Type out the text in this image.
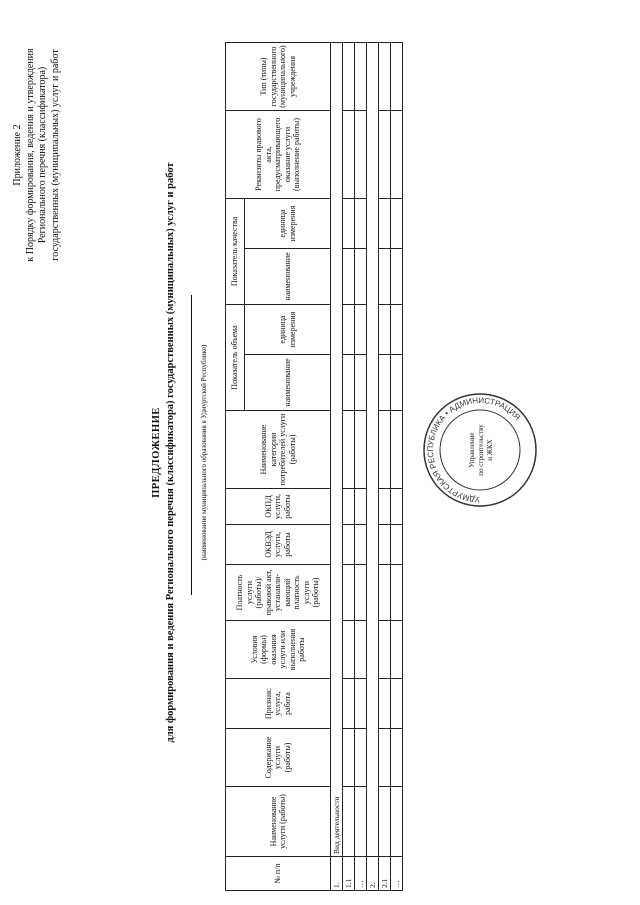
Приложение 2 к Порядку формирования, ведения и утверждения Регионального перечня (классификатора) государственных (муниципальных) услуг и работ
ПРЕДЛОЖЕНИЕ для формирования и ведения Регионального перечня (классификатора) государственных (муниципальных) услуг и работ	(наименование муниципального образования в Удмуртской Республике)
№ п/п	Наименование услуги (работы)	Содержание услуги (работы)	Признак: услуга, работа	Условия (формы) оказания услуги или выполнения работы	Платность услуги (работы)/ правовой акт, устанавли-вающий платность услуги (работы)	ОКВЭД услуги, работы	ОКПД услуги, работы	Наименование категории потребителей услуги (работы)	Показатель объема		Показатель качества		Реквизиты правового акта, предусматривающего оказание услуги (выполнение работы)	Тип (типы) государственного (муниципального) учреждения
									наименование	единица измерения	наименование	единица измерения		
1.	Вид деятельности													
1.1														
…														
2.														
2.1														
…														
УДМУРТСКАЯ РЕСПУБЛИКА • АДМИНИСТРАЦИЯ
Управление по строительству и ЖКХ
